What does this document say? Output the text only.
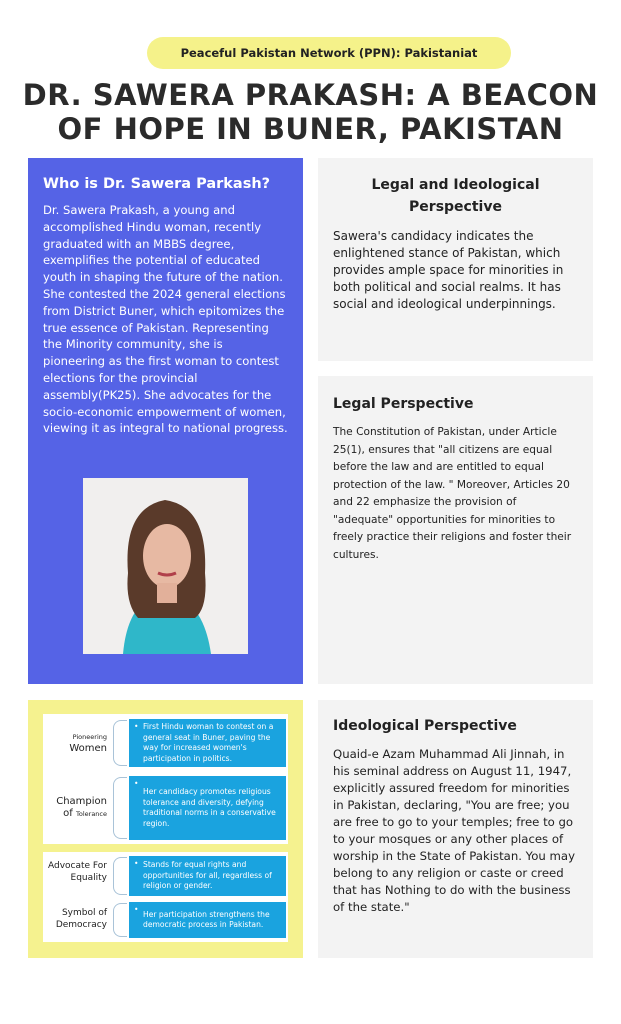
Peaceful Pakistan Network (PPN): Pakistaniat
DR. SAWERA PRAKASH: A BEACON OF HOPE IN BUNER, PAKISTAN
Who is Dr. Sawera Parkash?

Dr. Sawera Prakash, a young and accomplished Hindu woman, recently graduated with an MBBS degree, exemplifies the potential of educated youth in shaping the future of the nation. She contested the 2024 general elections from District Buner, which epitomizes the true essence of Pakistan. Representing the Minority community, she is pioneering as the first woman to contest elections for the provincial assembly(PK25). She advocates for the socio-economic empowerment of women, viewing it as integral to national progress.

Legal and Ideological Perspective

Sawera's candidacy indicates the enlightened stance of Pakistan, which provides ample space for minorities in both political and social realms. It has social and ideological underpinnings.

Legal Perspective

The Constitution of Pakistan, under Article 25(1), ensures that "all citizens are equal before the law and are entitled to equal protection of the law. " Moreover, Articles 20 and 22 emphasize the provision of "adequate" opportunities for minorities to freely practice their religions and foster their cultures.

Ideological Perspective

Quaid-e Azam Muhammad Ali Jinnah, in his seminal address on August 11, 1947, explicitly assured freedom for minorities in Pakistan, declaring, "You are free; you are free to go to your temples; free to go to your mosques or any other places of worship in the State of Pakistan. You may belong to any religion or caste or creed that has Nothing to do with the business of the state."

Pioneering
Women
• First Hindu woman to contest on a general seat in Buner, paving the way for increased women's participation in politics.
Champion
of Tolerance
• Her candidacy promotes religious tolerance and diversity, defying traditional norms in a conservative region.
Advocate For Equality
• Stands for equal rights and opportunities for all, regardless of religion or gender.
Symbol of Democracy
• Her participation strengthens the democratic process in Pakistan.
